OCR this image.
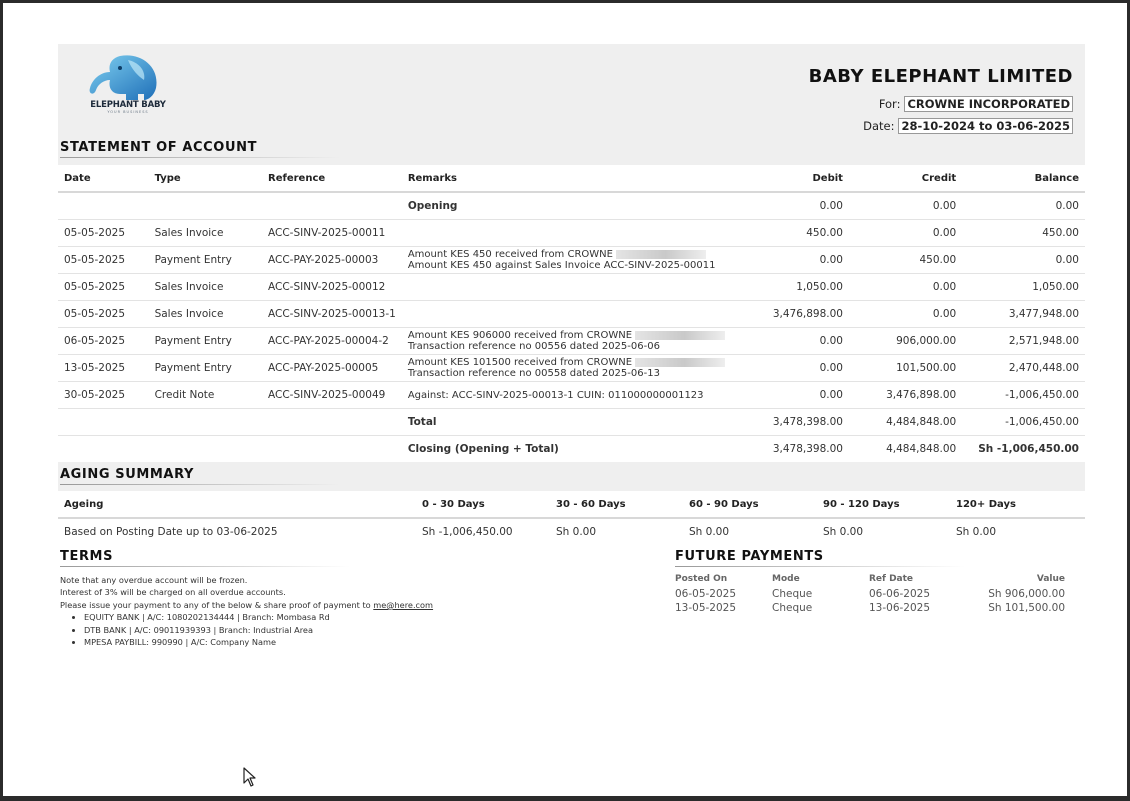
ELEPHANT BABY
YOUR BUSINESS
BABY ELEPHANT LIMITED
For: CROWNE INCORPORATED
Date: 28-10-2024 to 03-06-2025
STATEMENT OF ACCOUNT
Date	Type	Reference	Remarks	Debit	Credit	Balance
			Opening	0.00	0.00	0.00
05-05-2025	Sales Invoice	ACC-SINV-2025-00011		450.00	0.00	450.00
05-05-2025	Payment Entry	ACC-PAY-2025-00003	Amount KES 450 received from CROWNE
Amount KES 450 against Sales Invoice ACC-SINV-2025-00011	0.00	450.00	0.00
05-05-2025	Sales Invoice	ACC-SINV-2025-00012		1,050.00	0.00	1,050.00
05-05-2025	Sales Invoice	ACC-SINV-2025-00013-1		3,476,898.00	0.00	3,477,948.00
06-05-2025	Payment Entry	ACC-PAY-2025-00004-2	Amount KES 906000 received from CROWNE
Transaction reference no 00556 dated 2025-06-06	0.00	906,000.00	2,571,948.00
13-05-2025	Payment Entry	ACC-PAY-2025-00005	Amount KES 101500 received from CROWNE
Transaction reference no 00558 dated 2025-06-13	0.00	101,500.00	2,470,448.00
30-05-2025	Credit Note	ACC-SINV-2025-00049	Against: ACC-SINV-2025-00013-1 CUIN: 011000000001123	0.00	3,476,898.00	-1,006,450.00
			Total	3,478,398.00	4,484,848.00	-1,006,450.00
			Closing (Opening + Total)	3,478,398.00	4,484,848.00	Sh -1,006,450.00
AGING SUMMARY
Ageing	0 - 30 Days	30 - 60 Days	60 - 90 Days	90 - 120 Days	120+ Days
Based on Posting Date up to 03-06-2025	Sh -1,006,450.00	Sh 0.00	Sh 0.00	Sh 0.00	Sh 0.00
TERMS
Note that any overdue account will be frozen.
Interest of 3% will be charged on all overdue accounts.
Please issue your payment to any of the below & share proof of payment to me@here.com
• EQUITY BANK | A/C: 1080202134444 | Branch: Mombasa Rd
• DTB BANK | A/C: 09011939393 | Branch: Industrial Area
• MPESA PAYBILL: 990990 | A/C: Company Name
FUTURE PAYMENTS
Posted On	Mode	Ref Date	Value
06-05-2025	Cheque	06-06-2025	Sh 906,000.00
13-05-2025	Cheque	13-06-2025	Sh 101,500.00
